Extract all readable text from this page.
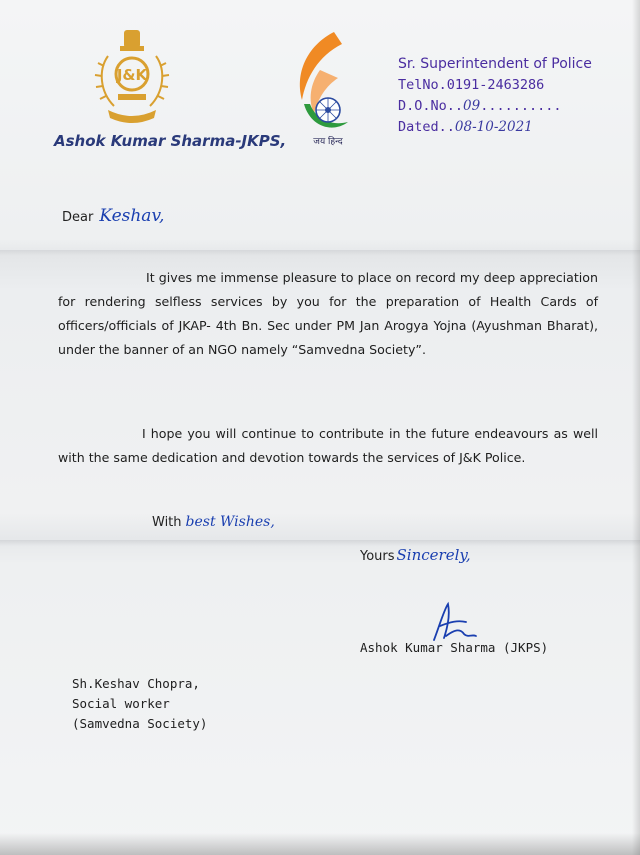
J&K
जय हिन्द
Sr. Superintendent of Police
TelNo.0191-2463286
D.O.No..09..........
Dated..08-10-2021
Ashok Kumar Sharma-JKPS,
Dear Keshav,
It gives me immense pleasure to place on record my deep appreciation for rendering selfless services by you for the preparation of Health Cards of officers/officials of JKAP- 4th Bn. Sec under PM Jan Arogya Yojna (Ayushman Bharat), under the banner of an NGO namely “Samvedna Society”.
I hope you will continue to contribute in the future endeavours as well with the same dedication and devotion towards the services of J&K Police.
With best Wishes,
Yours Sincerely,
Ashok Kumar Sharma (JKPS)
Sh.Keshav Chopra,
Social worker
(Samvedna Society)
